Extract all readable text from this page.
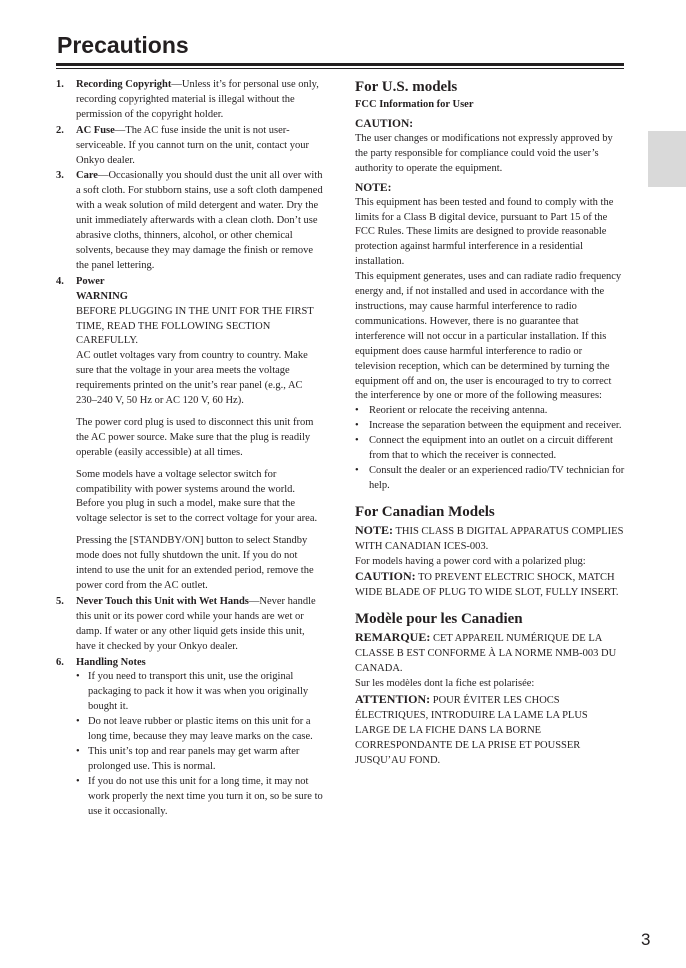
Precautions
1. Recording Copyright—Unless it’s for personal use only, recording copyrighted material is illegal without the permission of the copyright holder.

2. AC Fuse—The AC fuse inside the unit is not user-serviceable. If you cannot turn on the unit, contact your Onkyo dealer.

3. Care—Occasionally you should dust the unit all over with a soft cloth. For stubborn stains, use a soft cloth dampened with a weak solution of mild detergent and water. Dry the unit immediately afterwards with a clean cloth. Don’t use abrasive cloths, thinners, alcohol, or other chemical solvents, because they may damage the finish or remove the panel lettering.

4. Power

WARNING

BEFORE PLUGGING IN THE UNIT FOR THE FIRST TIME, READ THE FOLLOWING SECTION CAREFULLY.

AC outlet voltages vary from country to country. Make sure that the voltage in your area meets the voltage requirements printed on the unit’s rear panel (e.g., AC 230–240 V, 50 Hz or AC 120 V, 60 Hz).

The power cord plug is used to disconnect this unit from the AC power source. Make sure that the plug is readily operable (easily accessible) at all times.

Some models have a voltage selector switch for compatibility with power systems around the world. Before you plug in such a model, make sure that the voltage selector is set to the correct voltage for your area.

Pressing the [STANDBY/ON] button to select Standby mode does not fully shutdown the unit. If you do not intend to use the unit for an extended period, remove the power cord from the AC outlet.

5. Never Touch this Unit with Wet Hands—Never handle this unit or its power cord while your hands are wet or damp. If water or any other liquid gets inside this unit, have it checked by your Onkyo dealer.

6. Handling Notes

• If you need to transport this unit, use the original packaging to pack it how it was when you originally bought it.
• Do not leave rubber or plastic items on this unit for a long time, because they may leave marks on the case.
• This unit’s top and rear panels may get warm after prolonged use. This is normal.
• If you do not use this unit for a long time, it may not work properly the next time you turn it on, so be sure to use it occasionally.
For U.S. models

FCC Information for User

CAUTION:

The user changes or modifications not expressly approved by the party responsible for compliance could void the user’s authority to operate the equipment.

NOTE:

This equipment has been tested and found to comply with the limits for a Class B digital device, pursuant to Part 15 of the FCC Rules. These limits are designed to provide reasonable protection against harmful interference in a residential installation.

This equipment generates, uses and can radiate radio frequency energy and, if not installed and used in accordance with the instructions, may cause harmful interference to radio communications. However, there is no guarantee that interference will not occur in a particular installation. If this equipment does cause harmful interference to radio or television reception, which can be determined by turning the equipment off and on, the user is encouraged to try to correct the interference by one or more of the following measures:

• Reorient or relocate the receiving antenna.
• Increase the separation between the equipment and receiver.
• Connect the equipment into an outlet on a circuit different from that to which the receiver is connected.
• Consult the dealer or an experienced radio/TV technician for help.
For Canadian Models

NOTE: THIS CLASS B DIGITAL APPARATUS COMPLIES WITH CANADIAN ICES-003.

For models having a power cord with a polarized plug:

CAUTION: TO PREVENT ELECTRIC SHOCK, MATCH WIDE BLADE OF PLUG TO WIDE SLOT, FULLY INSERT.

Modèle pour les Canadien

REMARQUE: CET APPAREIL NUMÉRIQUE DE LA CLASSE B EST CONFORME À LA NORME NMB-003 DU CANADA.

Sur les modèles dont la fiche est polarisée:

ATTENTION: POUR ÉVITER LES CHOCS ÉLECTRIQUES, INTRODUIRE LA LAME LA PLUS LARGE DE LA FICHE DANS LA BORNE CORRESPONDANTE DE LA PRISE ET POUSSER JUSQU’AU FOND.

3
